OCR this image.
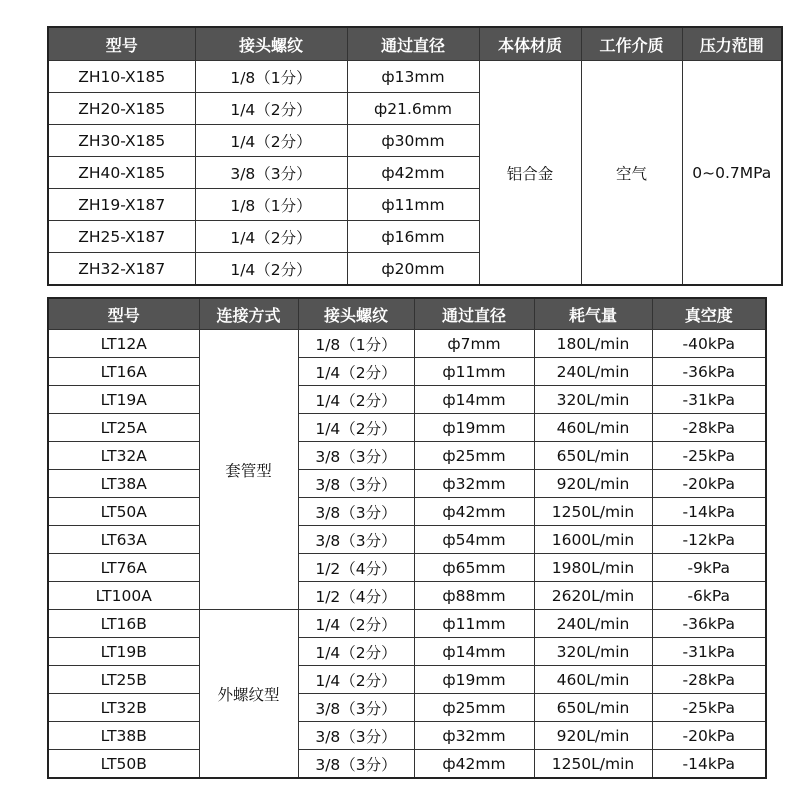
型号	接头螺纹	通过直径	本体材质	工作介质	压力范围
ZH10-X185	1/8（1分）	ф13mm	铝合金	空气	0~0.7MPa
ZH20-X185	1/4（2分）	ф21.6mm			
ZH30-X185	1/4（2分）	ф30mm			
ZH40-X185	3/8（3分）	ф42mm			
ZH19-X187	1/8（1分）	ф11mm			
ZH25-X187	1/4（2分）	ф16mm			
ZH32-X187	1/4（2分）	ф20mm			
型号	连接方式	接头螺纹	通过直径	耗气量	真空度
LT12A	套管型	1/8（1分）	ф7mm	180L/min	-40kPa
LT16A		1/4（2分）	ф11mm	240L/min	-36kPa
LT19A		1/4（2分）	ф14mm	320L/min	-31kPa
LT25A		1/4（2分）	ф19mm	460L/min	-28kPa
LT32A		3/8（3分）	ф25mm	650L/min	-25kPa
LT38A		3/8（3分）	ф32mm	920L/min	-20kPa
LT50A		3/8（3分）	ф42mm	1250L/min	-14kPa
LT63A		3/8（3分）	ф54mm	1600L/min	-12kPa
LT76A		1/2（4分）	ф65mm	1980L/min	-9kPa
LT100A		1/2（4分）	ф88mm	2620L/min	-6kPa
LT16B	外螺纹型	1/4（2分）	ф11mm	240L/min	-36kPa
LT19B		1/4（2分）	ф14mm	320L/min	-31kPa
LT25B		1/4（2分）	ф19mm	460L/min	-28kPa
LT32B		3/8（3分）	ф25mm	650L/min	-25kPa
LT38B		3/8（3分）	ф32mm	920L/min	-20kPa
LT50B		3/8（3分）	ф42mm	1250L/min	-14kPa
